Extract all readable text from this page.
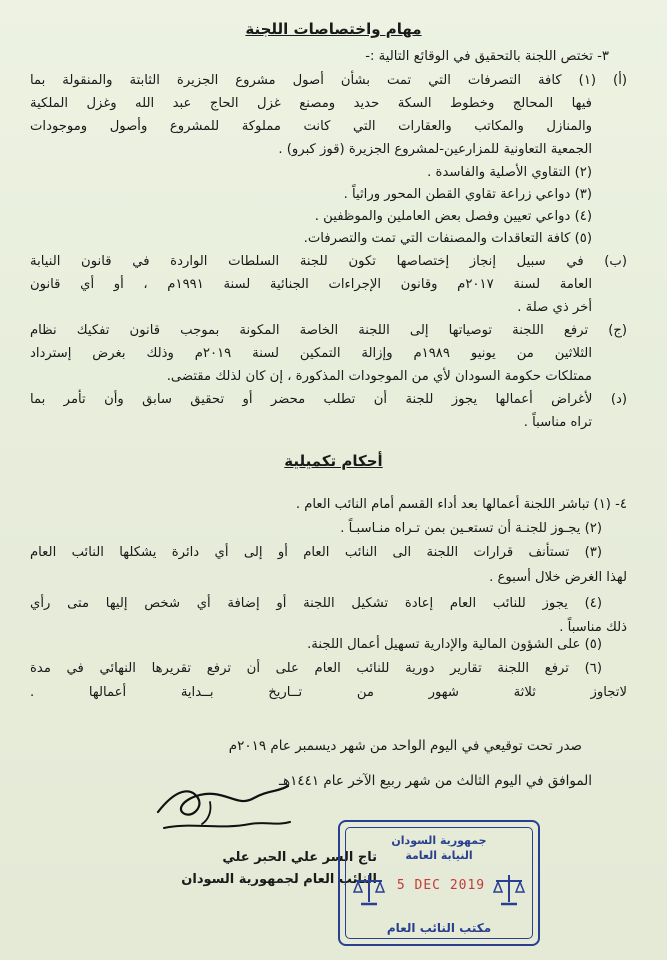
مهام واختصاصات اللجنة
٣- تختص اللجنة بالتحقيق في الوقائع التالية :-
(أ) (١) كافة التصرفات التي تمت بشأن أصول مشروع الجزيرة الثابتة والمنقولة بما
فيها المحالج وخطوط السكة حديد ومصنع غزل الحاج عبد الله وغزل الملكية
والمنازل والمكاتب والعقارات التي كانت مملوكة للمشروع وأصول وموجودات
الجمعية التعاونية للمزارعين-لمشروع الجزيرة (قوز كبرو) .
(٢) التقاوي الأصلية والفاسدة .
(٣) دواعي زراعة تقاوي القطن المحور وراثياً .
(٤) دواعي تعيين وفصل بعض العاملين والموظفين .
(٥) كافة التعاقدات والمصنفات التي تمت والتصرفات.
(ب) في سبيل إنجاز إختصاصها تكون للجنة السلطات الواردة في قانون النيابة
العامة لسنة ٢٠١٧م وقانون الإجراءات الجنائية لسنة ١٩٩١م ، أو أي قانون
أخر ذي صلة .
(ج) ترفع اللجنة توصياتها إلى اللجنة الخاصة المكونة بموجب قانون تفكيك نظام
الثلاثين من يونيو ١٩٨٩م وإزالة التمكين لسنة ٢٠١٩م وذلك بغرض إسترداد
ممتلكات حكومة السودان لأي من الموجودات المذكورة ، إن كان لذلك مقتضى.
(د) لأغراض أعمالها يجوز للجنة أن تطلب محضر أو تحقيق سابق وأن تأمر بما
تراه مناسباً .
أحكام تكميلية
٤- (١) تباشر اللجنة أعمالها بعد أداء القسم أمام النائب العام .
(٢) يجـوز للجنـة أن تستعـين بمن تـراه منـاسبـاً .
(٣) تستأنف قرارات اللجنة الى النائب العام أو إلى أي دائرة يشكلها النائب العام
لهذا الغرض خلال أسبوع .
(٤) يجوز للنائب العام إعادة تشكيل اللجنة أو إضافة أي شخص إليها متى رأي
ذلك مناسباً .
(٥) على الشؤون المالية والإدارية تسهيل أعمال اللجنة.
(٦) ترفع اللجنة تقارير دورية للنائب العام على أن ترفع تقريرها النهائي في مدة
لاتجاوز ثلاثة شهور من تــاريخ بــداية أعمالها .
صدر تحت توقيعي في اليوم الواحد من شهر ديسمبر عام ٢٠١٩م
الموافق في اليوم الثالث من شهر ربيع الآخر عام ١٤٤١هـ
تاج السر علي الحبر علي
النائب العام لجمهورية السودان
جمهورية السودان
النيابة العامة
5 DEC 2019
مكتب النائب العام
